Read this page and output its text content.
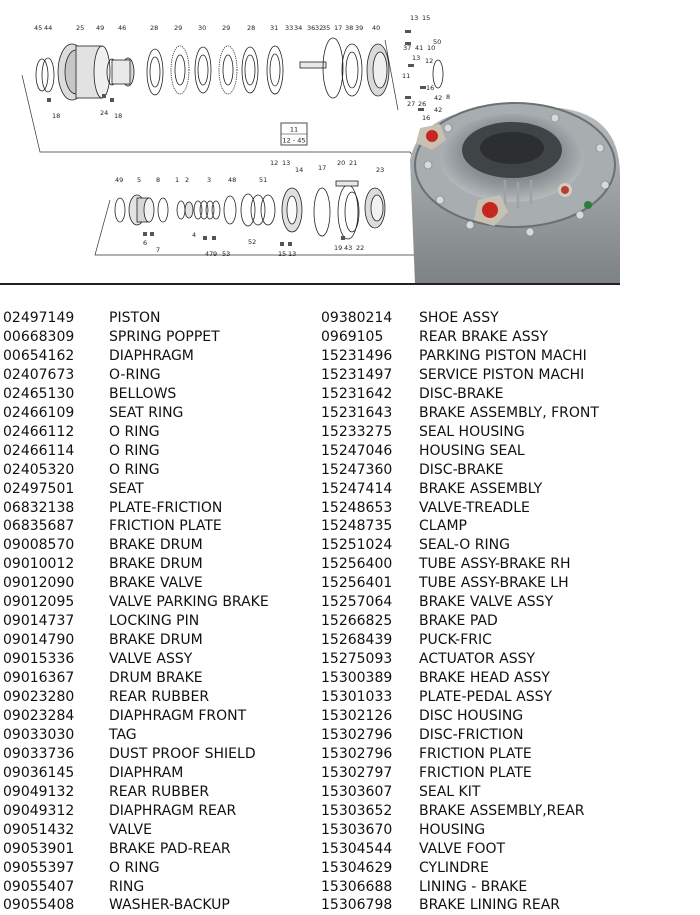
11
12 - 45
45 44	25 49 46	28 29 30 29	28 31 33 34 36 32
35 17 38 39 40
13 15
37 41 10
50
13 12
11
16
42 8
27 26
16
42
18	24 18
12 13
14 17
20 21
23
49 5 8 1 2	3	48	51
4
52
7
6
47 9 53	15 13
19 43 22
02497149 PISTON
00668309 SPRING POPPET
00654162 DIAPHRAGM
02407673 O-RING
02465130 BELLOWS
02466109 SEAT RING
02466112 O RING
02466114 O RING
02405320 O RING
02497501 SEAT
06832138 PLATE-FRICTION
06835687 FRICTION PLATE
09008570 BRAKE DRUM
09010012 BRAKE DRUM
09012090 BRAKE VALVE
09012095 VALVE PARKING BRAKE
09014737 LOCKING PIN
09014790 BRAKE DRUM
09015336 VALVE ASSY
09016367 DRUM BRAKE
09023280 REAR RUBBER
09023284 DIAPHRAGM FRONT
09033030 TAG
09033736 DUST PROOF SHIELD
09036145 DIAPHRAM
09049132 REAR RUBBER
09049312 DIAPHRAGM REAR
09051432 VALVE
09053901 BRAKE PAD-REAR
09055397 O RING
09055407 RING
09055408 WASHER-BACKUP
09380214 SHOE ASSY
0969105	REAR BRAKE ASSY
15231496 PARKING PISTON MACHI
15231497 SERVICE PISTON MACHI
15231642 DISC-BRAKE
15231643 BRAKE ASSEMBLY, FRONT
15233275 SEAL HOUSING
15247046 HOUSING SEAL
15247360 DISC-BRAKE
15247414 BRAKE ASSEMBLY
15248653 VALVE-TREADLE
15248735 CLAMP
15251024 SEAL-O RING
15256400 TUBE ASSY-BRAKE RH
15256401 TUBE ASSY-BRAKE LH
15257064 BRAKE VALVE ASSY
15266825 BRAKE PAD
15268439 PUCK-FRIC
15275093 ACTUATOR ASSY
15300389 BRAKE HEAD ASSY
15301033 PLATE-PEDAL ASSY
15302126 DISC HOUSING
15302796 DISC-FRICTION
15302796 FRICTION PLATE
15302797 FRICTION PLATE
15303607 SEAL KIT
15303652 BRAKE ASSEMBLY,REAR
15303670 HOUSING
15304544 VALVE FOOT
15304629 CYLINDRE
15306688 LINING - BRAKE
15306798 BRAKE LINING REAR
